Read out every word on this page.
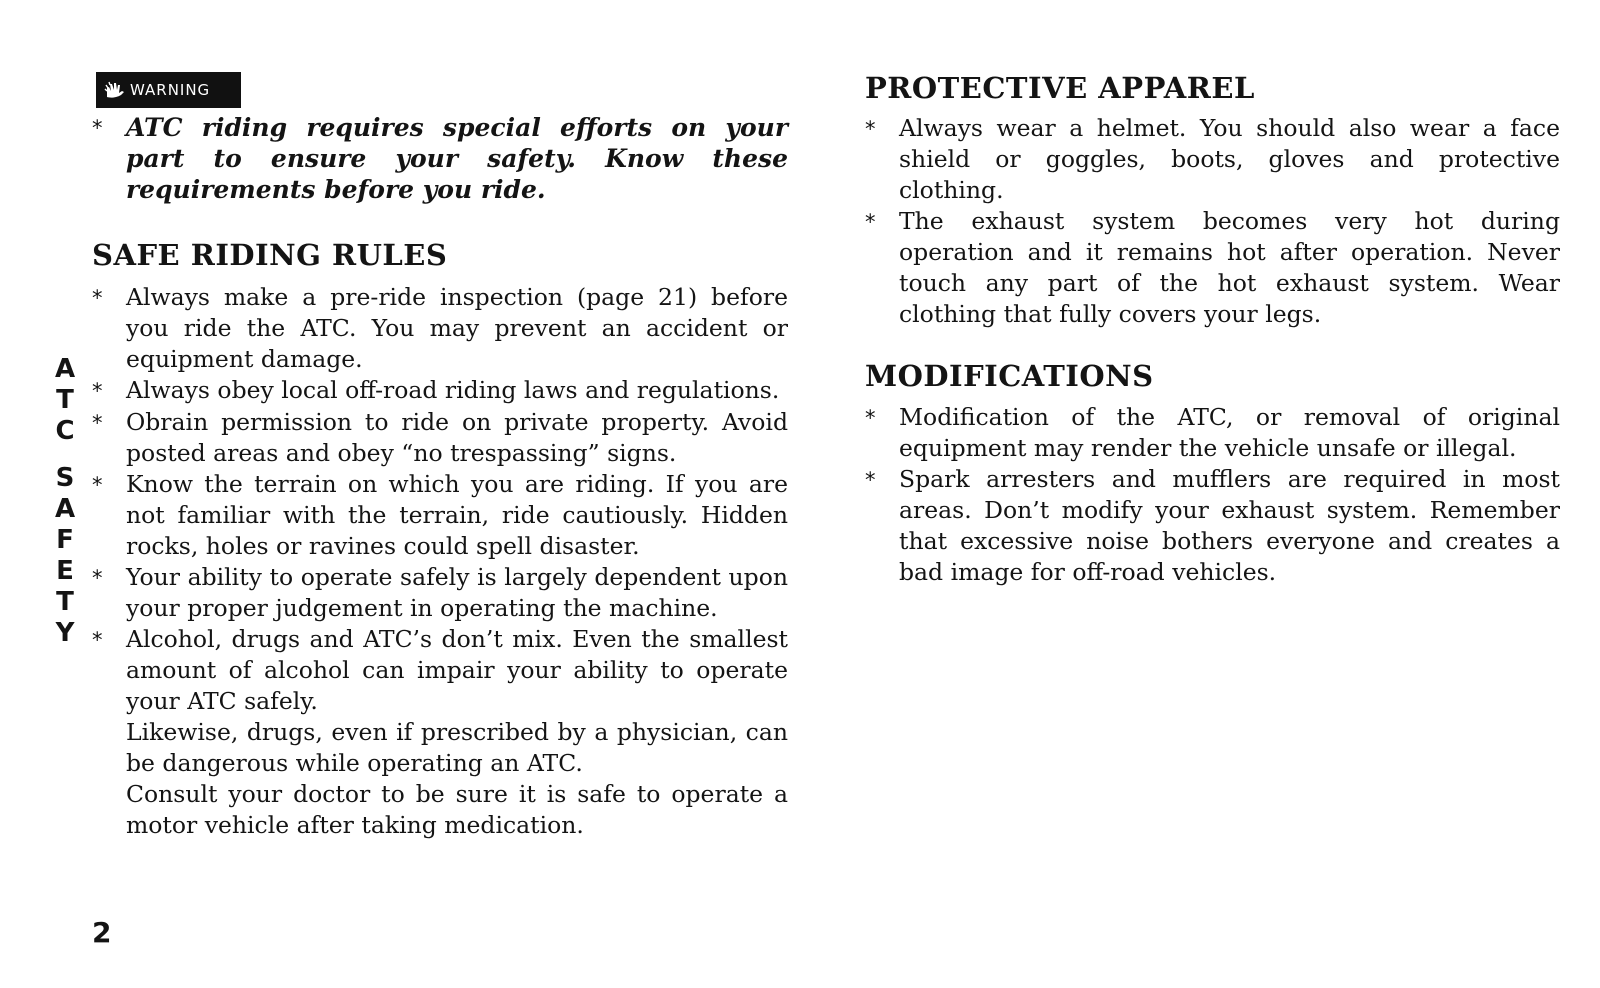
WARNING

* ATC riding requires special efforts on your part to ensure your safety. Know these requirements before you ride.

SAFE RIDING RULES
*	Always make a pre-ride inspection (page 21) before you ride the ATC. You may prevent an accident or equipment damage.
*	Always obey local off-road riding laws and regulations.
*	Obrain permission to ride on private property. Avoid posted areas and obey “no trespassing” signs.
*	Know the terrain on which you are riding. If you are not familiar with the terrain, ride cautiously. Hidden rocks, holes or ravines could spell disaster.
*	Your ability to operate safely is largely dependent upon your proper judgement in operating the machine.
*	Alcohol, drugs and ATC’s don’t mix. Even the smallest amount of alcohol can impair your ability to operate your ATC safely.
Likewise, drugs, even if prescribed by a physician, can be dangerous while operating an ATC.
Consult your doctor to be sure it is safe to operate a motor vehicle after taking medication.
PROTECTIVE APPAREL
*	Always wear a helmet. You should also wear a face shield or goggles, boots, gloves and protective clothing.
*	The exhaust system becomes very hot during operation and it remains hot after operation. Never touch any part of the hot exhaust system. Wear clothing that fully covers your legs.
MODIFICATIONS
*	Modification of the ATC, or removal of original equipment may render the vehicle unsafe or illegal.
*	Spark arresters and mufflers are required in most areas. Don’t modify your exhaust system. Remember that excessive noise bothers everyone and creates a bad image for off-road vehicles.
A
T
C
S
A
F
E
T
Y
2
